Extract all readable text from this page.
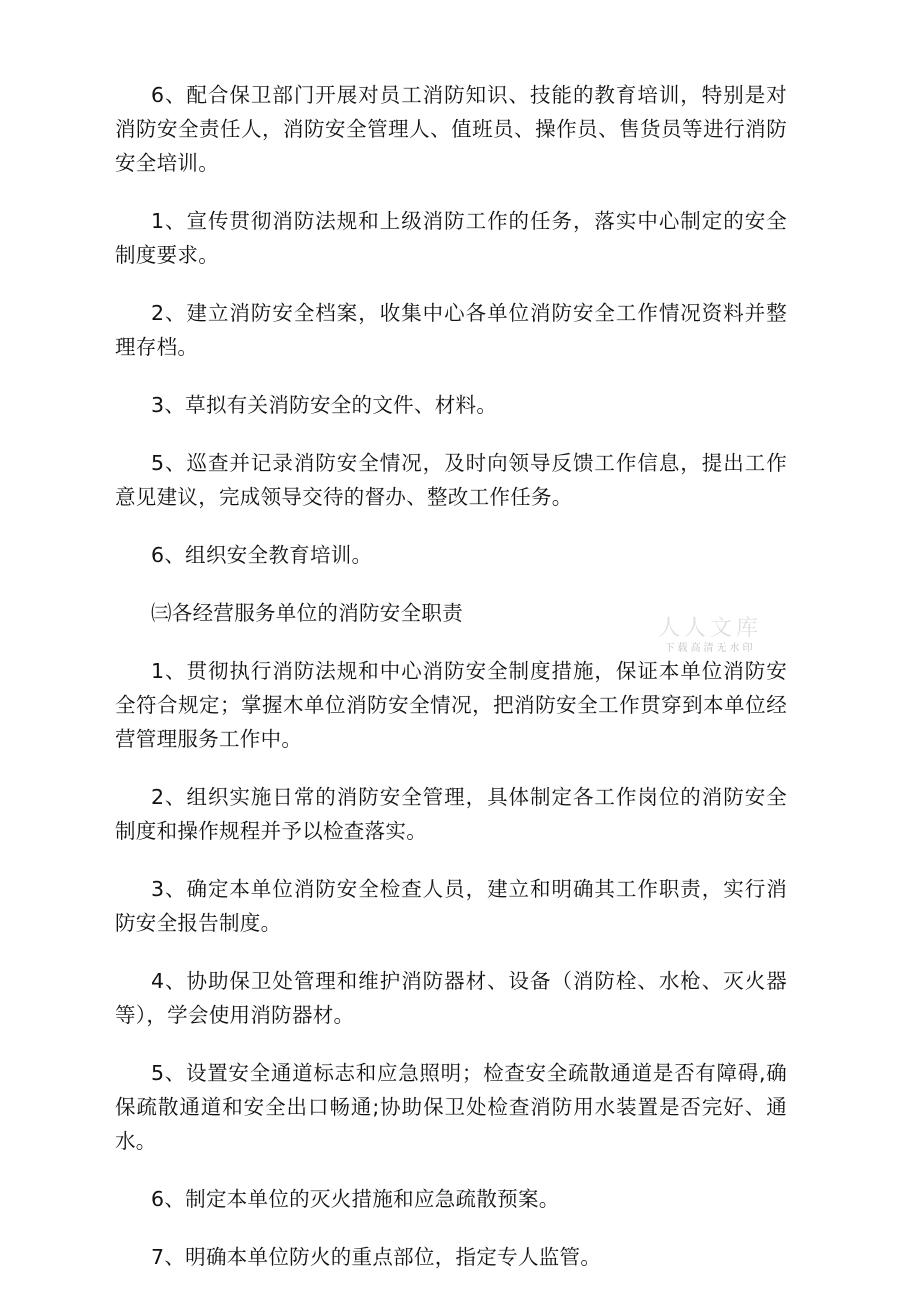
6、配合保卫部门开展对员工消防知识、技能的教育培训，特别是对消防安全责任人，消防安全管理人、值班员、操作员、售货员等进行消防安全培训。

1、宣传贯彻消防法规和上级消防工作的任务，落实中心制定的安全制度要求。

2、建立消防安全档案，收集中心各单位消防安全工作情况资料并整理存档。

3、草拟有关消防安全的文件、材料。

5、巡查并记录消防安全情况，及时向领导反馈工作信息，提出工作意见建议，完成领导交待的督办、整改工作任务。

6、组织安全教育培训。

㈢各经营服务单位的消防安全职责

1、贯彻执行消防法规和中心消防安全制度措施，保证本单位消防安全符合规定；掌握木单位消防安全情况，把消防安全工作贯穿到本单位经营管理服务工作中。

2、组织实施日常的消防安全管理，具体制定各工作岗位的消防安全制度和操作规程并予以检查落实。

3、确定本单位消防安全检查人员，建立和明确其工作职责，实行消防安全报告制度。

4、协助保卫处管理和维护消防器材、设备（消防栓、水枪、灭火器等），学会使用消防器材。

5、设置安全通道标志和应急照明；检查安全疏散通道是否有障碍,确保疏散通道和安全出口畅通;协助保卫处检查消防用水装置是否完好、通水。

6、制定本单位的灭火措施和应急疏散预案。

7、明确本单位防火的重点部位，指定专人监管。

人人文库
下载高清无水印
